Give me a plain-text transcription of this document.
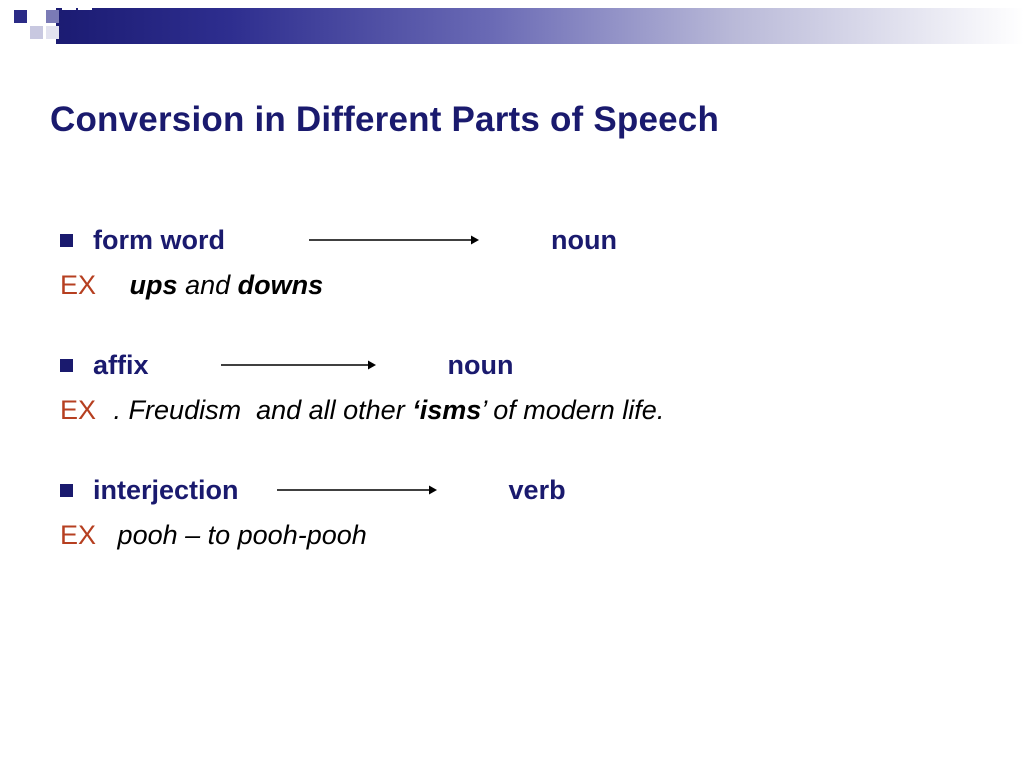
Conversion in Different Parts of Speech
form word	noun
EX ups and downs
affix	noun
EX . Freudism  and all other ‘isms’ of modern life.
interjection	verb
EX pooh – to pooh-pooh
